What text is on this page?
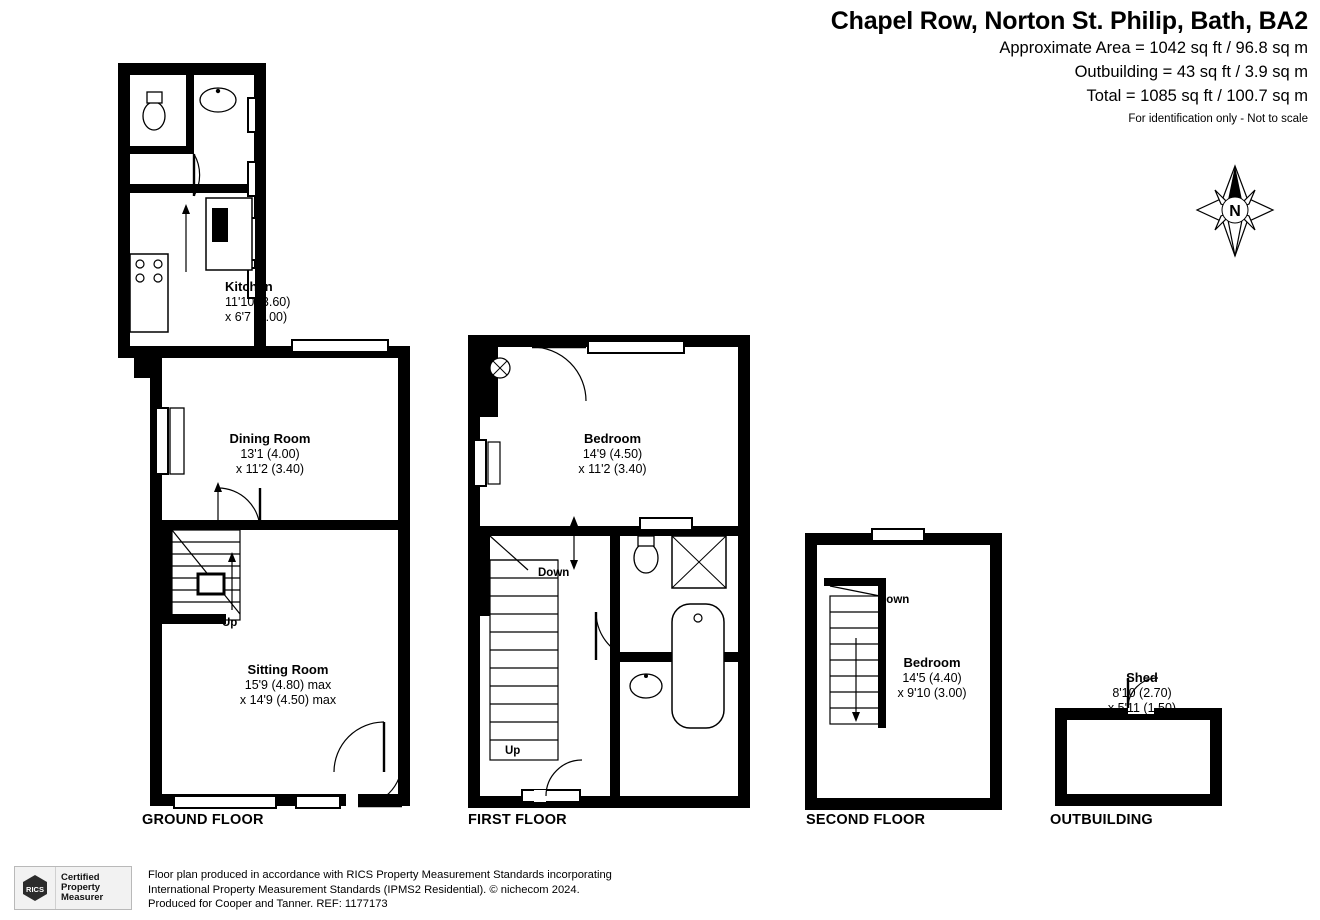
Chapel Row, Norton St. Philip, Bath, BA2
Approximate Area = 1042 sq ft / 96.8 sq m
Outbuilding = 43 sq ft / 3.9 sq m
Total = 1085 sq ft / 100.7 sq m
For identification only - Not to scale
N
Up
Kitchen
11'10 (3.60)
x 6'7 (2.00)
Dining Room
13'1 (4.00)
x 11'2 (3.40)
Sitting Room
15'9 (4.80) max
x 14'9 (4.50) max
GROUND FLOOR
Down
Up
Bedroom
14'9 (4.50)
x 11'2 (3.40)
FIRST FLOOR
Down
Bedroom
14'5 (4.40)
x 9'10 (3.00)
SECOND FLOOR
Shed
8'10 (2.70)
x 5'11 (1.50)
OUTBUILDING
RICS
Certified
Property
Measurer
Floor plan produced in accordance with RICS Property Measurement Standards incorporating
International Property Measurement Standards (IPMS2 Residential). © nichecom 2024.
Produced for Cooper and Tanner. REF: 1177173
